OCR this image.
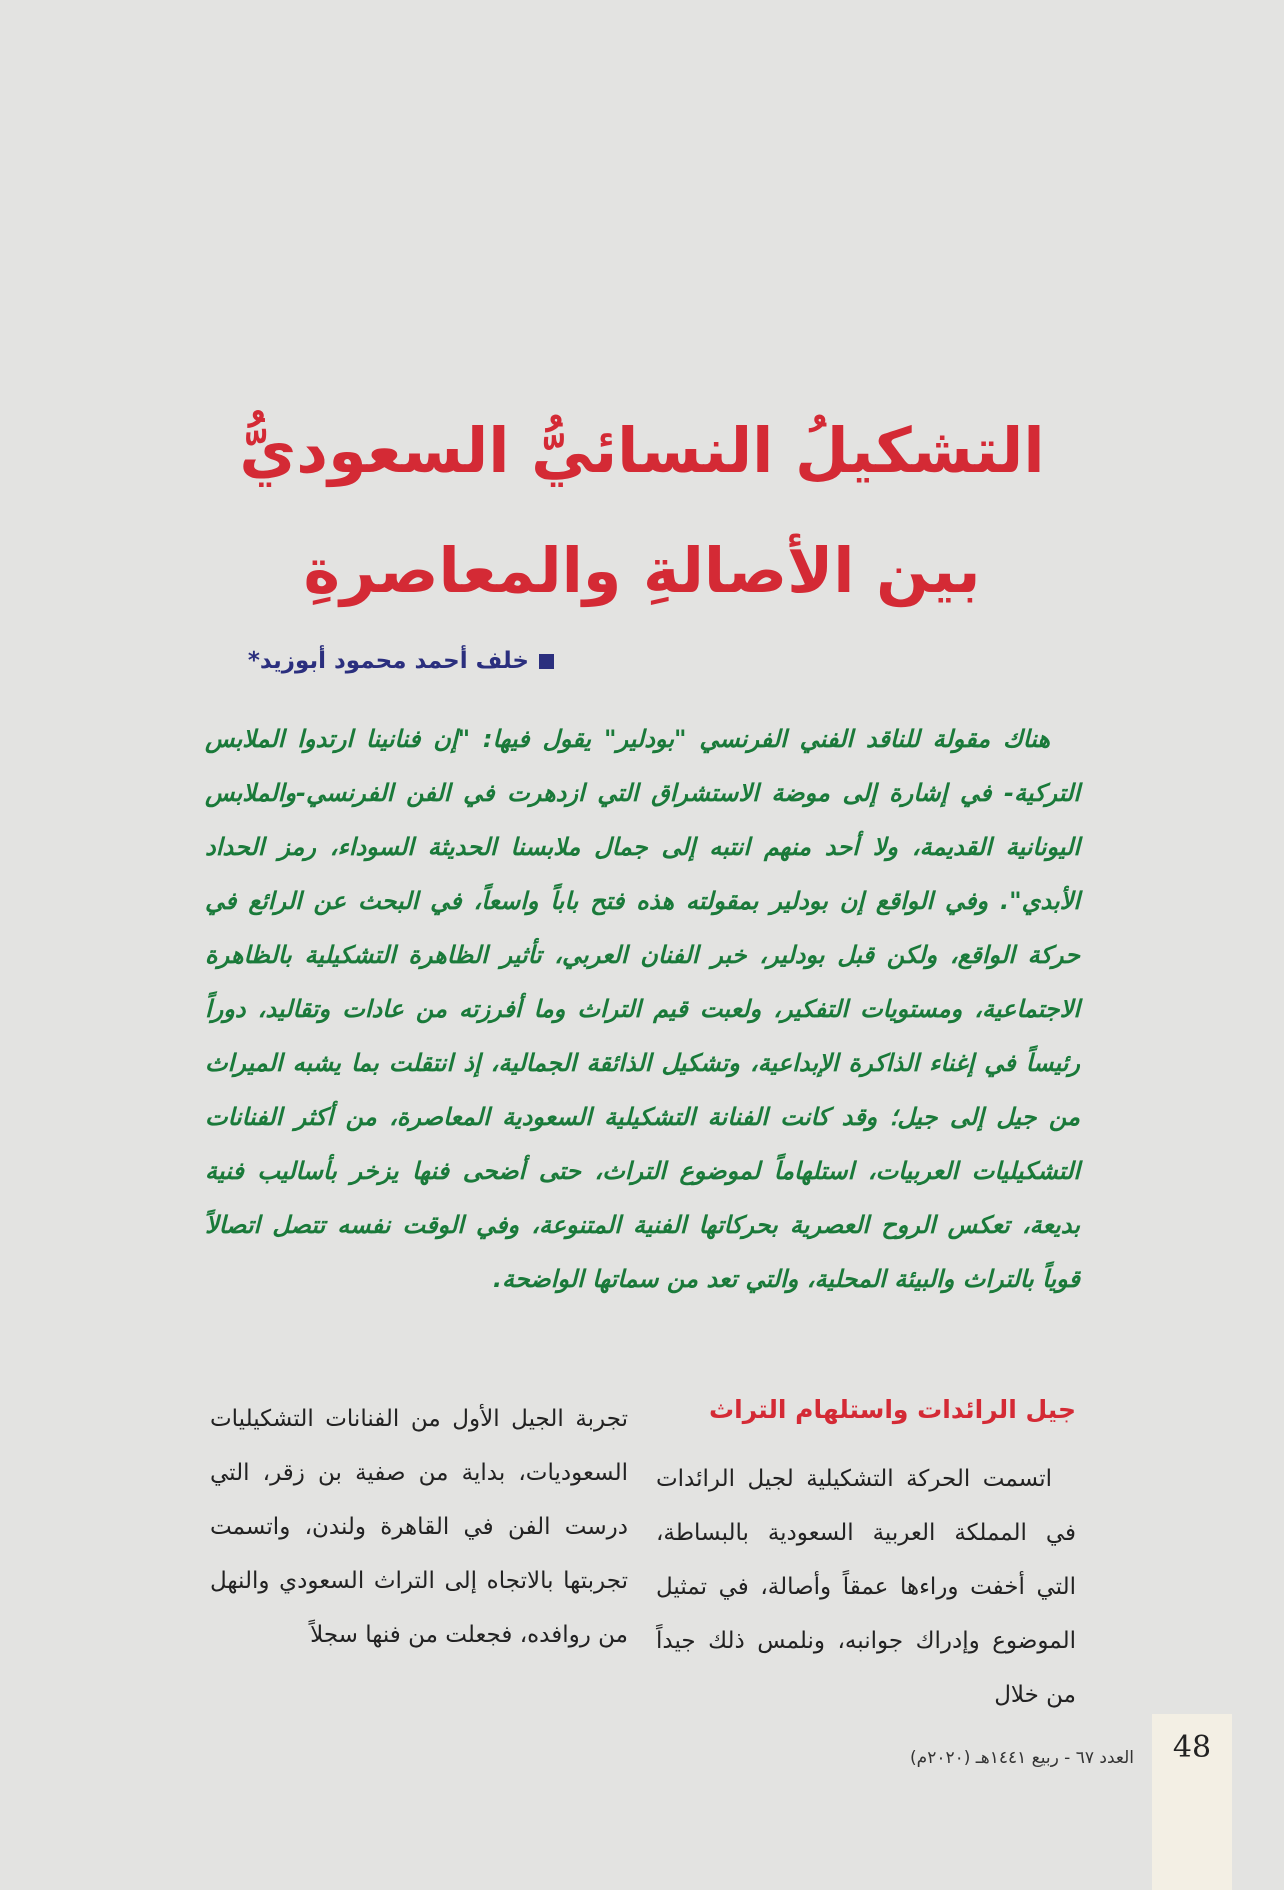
التشكيلُ النسائيُّ السعوديُّ
بين الأصالةِ والمعاصرةِ
خلف أحمد محمود أبوزيد*

هناك مقولة للناقد الفني الفرنسي "بودلير" يقول فيها: "إن فنانينا ارتدوا الملابس التركية- في إشارة إلى موضة الاستشراق التي ازدهرت في الفن الفرنسي-والملابس اليونانية القديمة، ولا أحد منهم انتبه إلى جمال ملابسنا الحديثة السوداء، رمز الحداد الأبدي". وفي الواقع إن بودلير بمقولته هذه فتح باباً واسعاً، في البحث عن الرائع في حركة الواقع، ولكن قبل بودلير، خبر الفنان العربي، تأثير الظاهرة التشكيلية بالظاهرة الاجتماعية، ومستويات التفكير، ولعبت قيم التراث وما أفرزته من عادات وتقاليد، دوراً رئيساً في إغناء الذاكرة الإبداعية، وتشكيل الذائقة الجمالية، إذ انتقلت بما يشبه الميراث من جيل إلى جيل؛ وقد كانت الفنانة التشكيلية السعودية المعاصرة، من أكثر الفنانات التشكيليات العربيات، استلهاماً لموضوع التراث، حتى أضحى فنها يزخر بأساليب فنية بديعة، تعكس الروح العصرية بحركاتها الفنية المتنوعة، وفي الوقت نفسه تتصل اتصالاً قوياً بالتراث والبيئة المحلية، والتي تعد من سماتها الواضحة.

جيل الرائدات واستلهام التراث

اتسمت الحركة التشكيلية لجيل الرائدات في المملكة العربية السعودية بالبساطة، التي أخفت وراءها عمقاً وأصالة، في تمثيل الموضوع وإدراك جوانبه، ونلمس ذلك جيداً من خلال

تجربة الجيل الأول من الفنانات التشكيليات السعوديات، بداية من صفية بن زقر، التي درست الفن في القاهرة ولندن، واتسمت تجربتها بالاتجاه إلى التراث السعودي والنهل من روافده، فجعلت من فنها سجلاً

48
العدد ٦٧ - ربيع ١٤٤١هـ (٢٠٢٠م)
